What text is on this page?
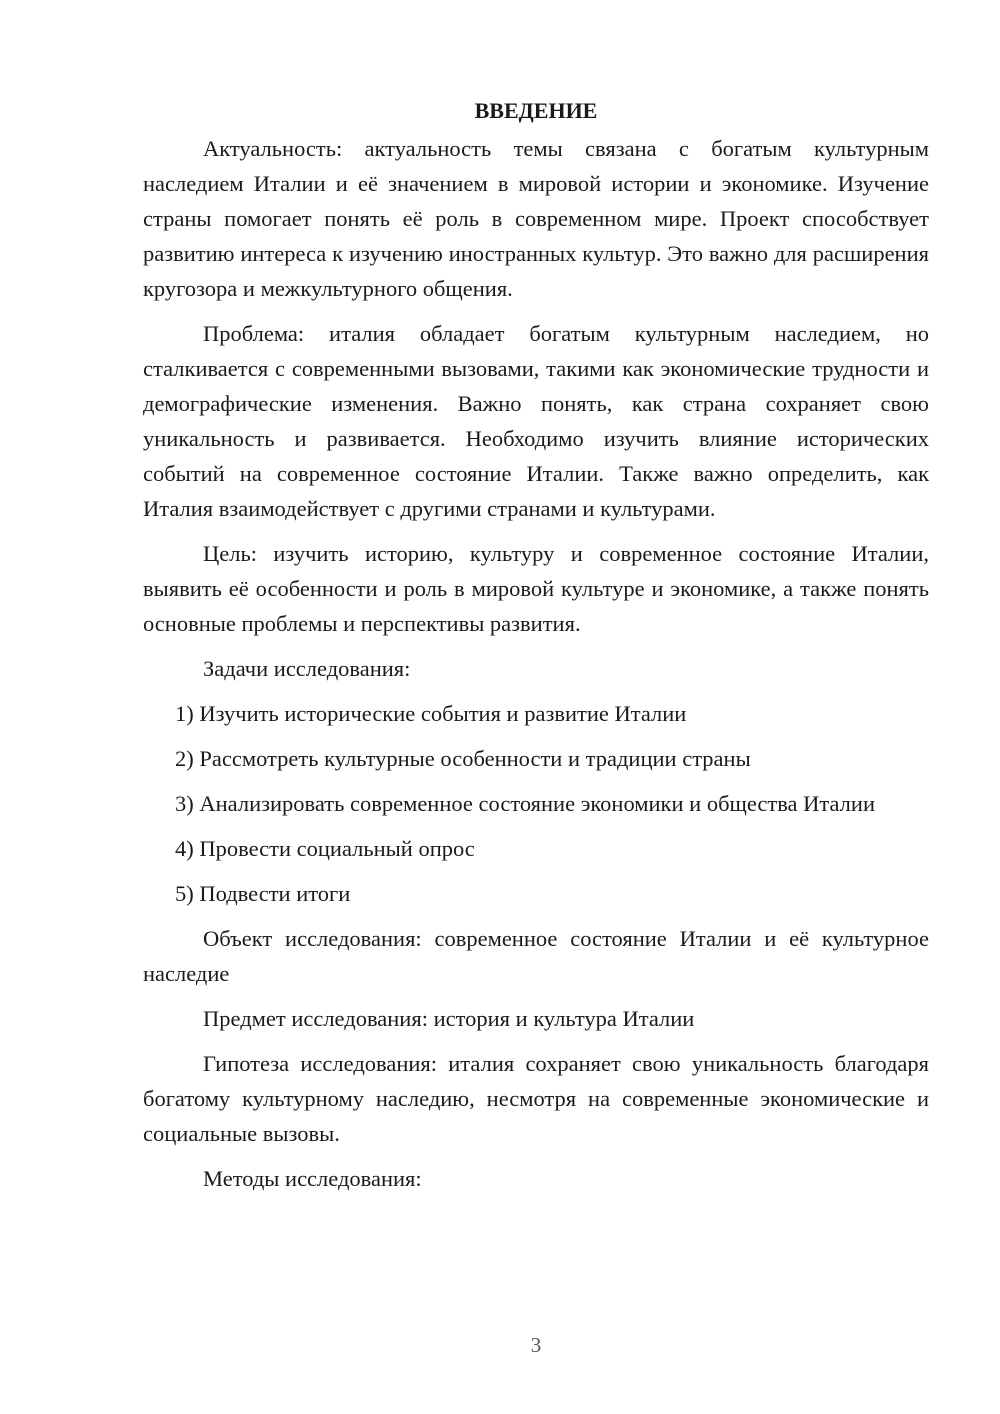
ВВЕДЕНИЕ

Актуальность: актуальность темы связана с богатым культурным наследием Италии и её значением в мировой истории и экономике. Изучение страны помогает понять её роль в современном мире. Проект способствует развитию интереса к изучению иностранных культур. Это важно для расширения кругозора и межкультурного общения.

Проблема: италия обладает богатым культурным наследием, но сталкивается с современными вызовами, такими как экономические трудности и демографические изменения. Важно понять, как страна сохраняет свою уникальность и развивается. Необходимо изучить влияние исторических событий на современное состояние Италии. Также важно определить, как Италия взаимодействует с другими странами и культурами.

Цель: изучить историю, культуру и современное состояние Италии, выявить её особенности и роль в мировой культуре и экономике, а также понять основные проблемы и перспективы развития.

Задачи исследования:

1) Изучить исторические события и развитие Италии

2) Рассмотреть культурные особенности и традиции страны

3) Анализировать современное состояние экономики и общества Италии

4) Провести социальный опрос

5) Подвести итоги

Объект исследования: современное состояние Италии и её культурное наследие

Предмет исследования: история и культура Италии

Гипотеза исследования: италия сохраняет свою уникальность благодаря богатому культурному наследию, несмотря на современные экономические и социальные вызовы.

Методы исследования:

3
